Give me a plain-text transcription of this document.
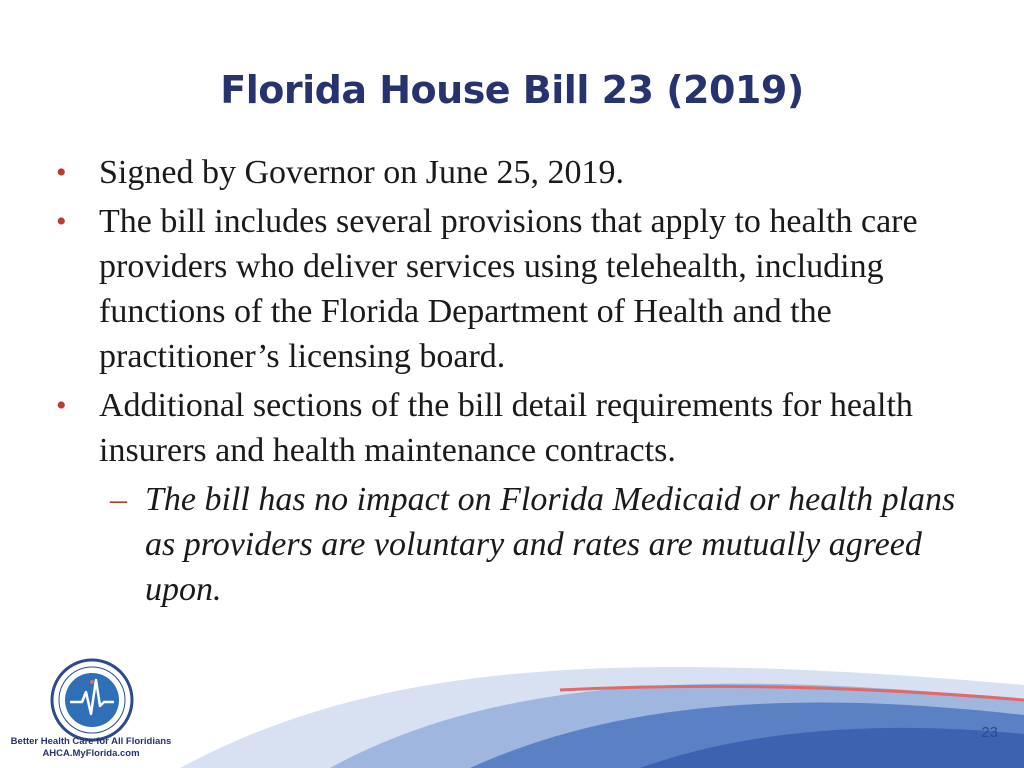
Florida House Bill 23 (2019)
• Signed by Governor on June 25, 2019.
• The bill includes several provisions that apply to health care providers who deliver services using telehealth, including functions of the Florida Department of Health and the practitioner’s licensing board.
• Additional sections of the bill detail requirements for health insurers and health maintenance contracts.
– The bill has no impact on Florida Medicaid or health plans as providers are voluntary and rates are mutually agreed upon.
Better Health Care for All Floridians
AHCA.MyFlorida.com
23
